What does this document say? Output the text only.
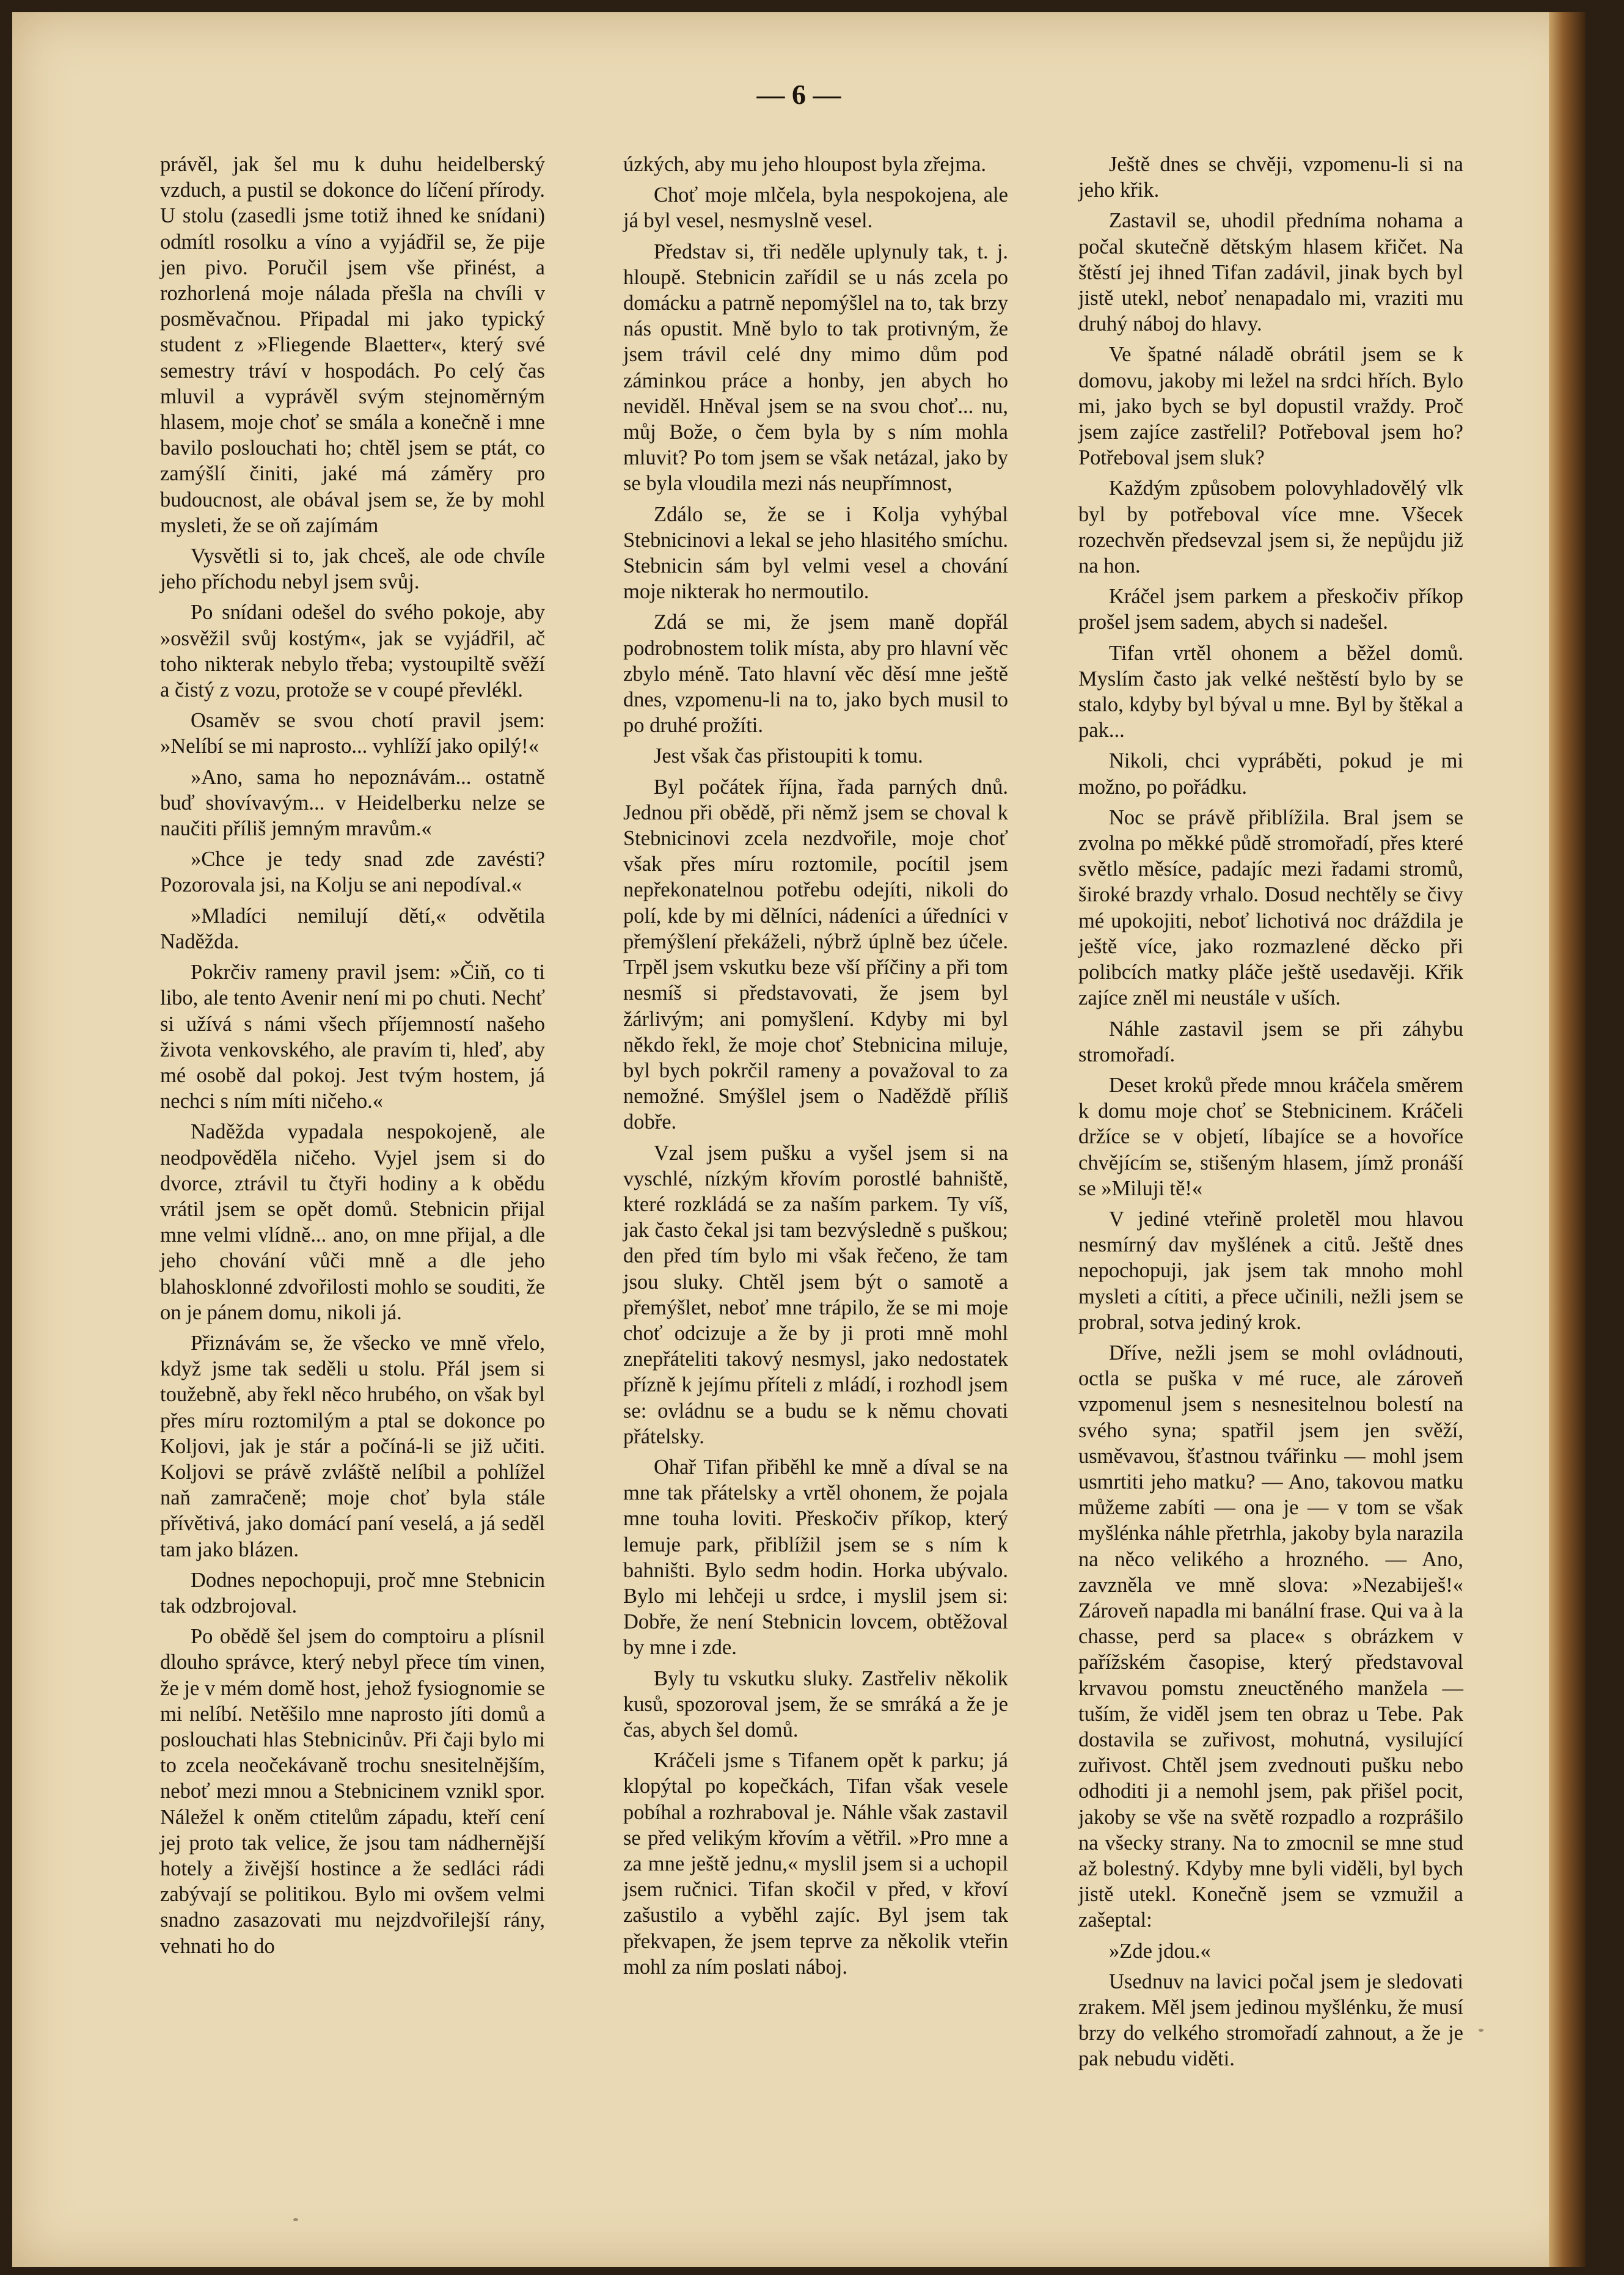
— 6 —

právěl, jak šel mu k duhu heidelberský vzduch, a pustil se dokonce do líčení přírody. U stolu (zasedli jsme totiž ihned ke snídani) odmítl rosolku a víno a vyjádřil se, že pije jen pivo. Poručil jsem vše přinést, a rozhorlená moje nálada přešla na chvíli v posměvačnou. Připadal mi jako typický student z »Fliegende Blaetter«, který své semestry tráví v hospodách. Po celý čas mluvil a vyprávěl svým stejnoměrným hlasem, moje choť se smála a konečně i mne bavilo poslouchati ho; chtěl jsem se ptát, co zamýšlí činiti, jaké má záměry pro budoucnost, ale obával jsem se, že by mohl mysleti, že se oň zajímám

Vysvětli si to, jak chceš, ale ode chvíle jeho příchodu nebyl jsem svůj.

Po snídani odešel do svého pokoje, aby »osvěžil svůj kostým«, jak se vyjádřil, ač toho nikterak nebylo třeba; vystoupiltě svěží a čistý z vozu, protože se v coupé převlékl.

Osaměv se svou chotí pravil jsem: »Nelíbí se mi naprosto... vyhlíží jako opilý!«

»Ano, sama ho nepoznávám... ostatně buď shovívavým... v Heidelberku nelze se naučiti příliš jemným mravům.«

»Chce je tedy snad zde zavésti? Pozorovala jsi, na Kolju se ani nepodíval.«

»Mladíci nemilují dětí,« odvětila Naděžda.

Pokrčiv rameny pravil jsem: »Čiň, co ti libo, ale tento Avenir není mi po chuti. Nechť si užívá s námi všech příjemností našeho života venkovského, ale pravím ti, hleď, aby mé osobě dal pokoj. Jest tvým hostem, já nechci s ním míti ničeho.«

Naděžda vypadala nespokojeně, ale neodpověděla ničeho. Vyjel jsem si do dvorce, ztrávil tu čtyři hodiny a k obědu vrátil jsem se opět domů. Stebnicin přijal mne velmi vlídně... ano, on mne přijal, a dle jeho chování vůči mně a dle jeho blahosklonné zdvořilosti mohlo se souditi, že on je pánem domu, nikoli já.

Přiznávám se, že všecko ve mně vřelo, když jsme tak seděli u stolu. Přál jsem si toužebně, aby řekl něco hrubého, on však byl přes míru roztomilým a ptal se dokonce po Koljovi, jak je stár a počíná-li se již učiti. Koljovi se právě zvláště nelíbil a pohlížel naň zamračeně; moje choť byla stále přívětivá, jako domácí paní veselá, a já seděl tam jako blázen.

Dodnes nepochopuji, proč mne Stebnicin tak odzbrojoval.

Po obědě šel jsem do comptoiru a plísnil dlouho správce, který nebyl přece tím vinen, že je v mém domě host, jehož fysiognomie se mi nelíbí. Netěšilo mne naprosto jíti domů a poslouchati hlas Stebnicinův. Při čaji bylo mi to zcela neočekávaně trochu snesitelnějším, neboť mezi mnou a Stebnicinem vznikl spor. Náležel k oněm ctitelům západu, kteří cení jej proto tak velice, že jsou tam nádhernější hotely a živější hostince a že sedláci rádi zabývají se politikou. Bylo mi ovšem velmi snadno zasazovati mu nejzdvořilejší rány, vehnati ho do

úzkých, aby mu jeho hloupost byla zřejma.

Choť moje mlčela, byla nespokojena, ale já byl vesel, nesmyslně vesel.

Představ si, tři neděle uplynuly tak, t. j. hloupě. Stebnicin zařídil se u nás zcela po domácku a patrně nepomýšlel na to, tak brzy nás opustit. Mně bylo to tak protivným, že jsem trávil celé dny mimo dům pod záminkou práce a honby, jen abych ho neviděl. Hněval jsem se na svou choť... nu, můj Bože, o čem byla by s ním mohla mluvit? Po tom jsem se však netázal, jako by se byla vloudila mezi nás neupřímnost,

Zdálo se, že se i Kolja vyhýbal Stebnicinovi a lekal se jeho hlasitého smíchu. Stebnicin sám byl velmi vesel a chování moje nikterak ho nermoutilo.

Zdá se mi, že jsem maně dopřál podrobnostem tolik místa, aby pro hlavní věc zbylo méně. Tato hlavní věc děsí mne ještě dnes, vzpomenu-li na to, jako bych musil to po druhé prožíti.

Jest však čas přistoupiti k tomu.

Byl počátek října, řada parných dnů. Jednou při obědě, při němž jsem se choval k Stebnicinovi zcela nezdvořile, moje choť však přes míru roztomile, pocítil jsem nepřekonatelnou potřebu odejíti, nikoli do polí, kde by mi dělníci, nádeníci a úředníci v přemýšlení překáželi, nýbrž úplně bez účele. Trpěl jsem vskutku beze vší příčiny a při tom nesmíš si představovati, že jsem byl žárlivým; ani pomyšlení. Kdyby mi byl někdo řekl, že moje choť Stebnicina miluje, byl bych pokrčil rameny a považoval to za nemožné. Smýšlel jsem o Naděždě příliš dobře.

Vzal jsem pušku a vyšel jsem si na vyschlé, nízkým křovím porostlé bahniště, které rozkládá se za naším parkem. Ty víš, jak často čekal jsi tam bezvýsledně s puškou; den před tím bylo mi však řečeno, že tam jsou sluky. Chtěl jsem být o samotě a přemýšlet, neboť mne trápilo, že se mi moje choť odcizuje a že by ji proti mně mohl znepřáteliti takový nesmysl, jako nedostatek přízně k jejímu příteli z mládí, i rozhodl jsem se: ovládnu se a budu se k němu chovati přátelsky.

Ohař Tifan přiběhl ke mně a díval se na mne tak přátelsky a vrtěl ohonem, že pojala mne touha loviti. Přeskočiv příkop, který lemuje park, přiblížil jsem se s ním k bahništi. Bylo sedm hodin. Horka ubývalo. Bylo mi lehčeji u srdce, i myslil jsem si: Dobře, že není Stebnicin lovcem, obtěžoval by mne i zde.

Byly tu vskutku sluky. Zastřeliv několik kusů, spozoroval jsem, že se smráká a že je čas, abych šel domů.

Kráčeli jsme s Tifanem opět k parku; já klopýtal po kopečkách, Tifan však vesele pobíhal a rozhraboval je. Náhle však zastavil se před velikým křovím a větřil. »Pro mne a za mne ještě jednu,« myslil jsem si a uchopil jsem ručnici. Tifan skočil v před, v křoví zašustilo a vyběhl zajíc. Byl jsem tak překvapen, že jsem teprve za několik vteřin mohl za ním poslati náboj.

Ještě dnes se chvěji, vzpomenu-li si na jeho křik.

Zastavil se, uhodil předníma nohama a počal skutečně dětským hlasem křičet. Na štěstí jej ihned Tifan zadávil, jinak bych byl jistě utekl, neboť nenapadalo mi, vraziti mu druhý náboj do hlavy.

Ve špatné náladě obrátil jsem se k domovu, jakoby mi ležel na srdci hřích. Bylo mi, jako bych se byl dopustil vraždy. Proč jsem zajíce zastřelil? Potřeboval jsem ho? Potřeboval jsem sluk?

Každým způsobem polovyhladovělý vlk byl by potřeboval více mne. Všecek rozechvěn předsevzal jsem si, že nepůjdu již na hon.

Kráčel jsem parkem a přeskočiv příkop prošel jsem sadem, abych si nadešel.

Tifan vrtěl ohonem a běžel domů. Myslím často jak velké neštěstí bylo by se stalo, kdyby byl býval u mne. Byl by štěkal a pak...

Nikoli, chci vypráběti, pokud je mi možno, po pořádku.

Noc se právě přiblížila. Bral jsem se zvolna po měkké půdě stromořadí, přes které světlo měsíce, padajíc mezi řadami stromů, široké brazdy vrhalo. Dosud nechtěly se čivy mé upokojiti, neboť lichotivá noc dráždila je ještě více, jako rozmazlené děcko při polibcích matky pláče ještě usedavěji. Křik zajíce zněl mi neustále v uších.

Náhle zastavil jsem se při záhybu stromořadí.

Deset kroků přede mnou kráčela směrem k domu moje choť se Stebnicinem. Kráčeli držíce se v objetí, líbajíce se a hovoříce chvějícím se, stišeným hlasem, jímž pronáší se »Miluji tě!«

V jediné vteřině proletěl mou hlavou nesmírný dav myšlének a citů. Ještě dnes nepochopuji, jak jsem tak mnoho mohl mysleti a cítiti, a přece učinili, nežli jsem se probral, sotva jediný krok.

Dříve, nežli jsem se mohl ovládnouti, octla se puška v mé ruce, ale zároveň vzpomenul jsem s nesnesitelnou bolestí na svého syna; spatřil jsem jen svěží, usměvavou, šťastnou tvářinku — mohl jsem usmrtiti jeho matku? — Ano, takovou matku můžeme zabíti — ona je — v tom se však myšlénka náhle přetrhla, jakoby byla narazila na něco velikého a hrozného. — Ano, zavzněla ve mně slova: »Nezabiješ!« Zároveň napadla mi banální frase. Qui va à la chasse, perd sa place« s obrázkem v pařížském časopise, který představoval krvavou pomstu zneuctěného manžela — tuším, že viděl jsem ten obraz u Tebe. Pak dostavila se zuřivost, mohutná, vysilující zuřivost. Chtěl jsem zvednouti pušku nebo odhoditi ji a nemohl jsem, pak přišel pocit, jakoby se vše na světě rozpadlo a rozprášilo na všecky strany. Na to zmocnil se mne stud až bolestný. Kdyby mne byli viděli, byl bych jistě utekl. Konečně jsem se vzmužil a zašeptal:

»Zde jdou.«

Usednuv na lavici počal jsem je sledovati zrakem. Měl jsem jedinou myšlénku, že musí brzy do velkého stromořadí zahnout, a že je pak nebudu viděti.
